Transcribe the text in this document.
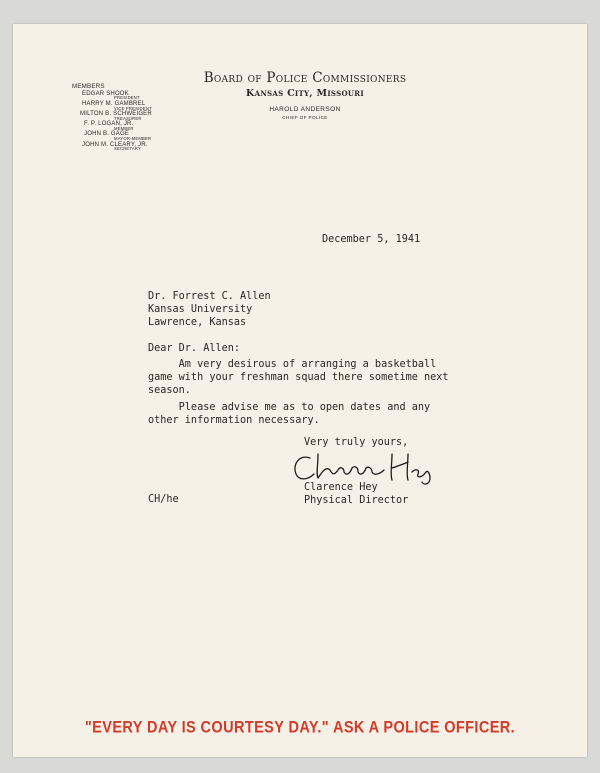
MEMBERS
EDGAR SHOOK
PRESIDENT
HARRY M. GAMBREL
VICE PRESIDENT
MILTON B. SCHWEIGER
TREASURER
F. P. LOGAN, JR.
MEMBER
JOHN B. GAGE
MAYOR-MEMBER
JOHN M. CLEARY, JR.
SECRETARY
Board of Police Commissioners
Kansas City, Missouri
HAROLD ANDERSON
CHIEF OF POLICE
December 5, 1941
Dr. Forrest C. Allen
Kansas University
Lawrence, Kansas
Dear Dr. Allen:
Am very desirous of arranging a basketball
game with your freshman squad there sometime next
season.
Please advise me as to open dates and any
other information necessary.
Very truly yours,
Clarence Hey
Physical Director
CH/he
"EVERY DAY IS COURTESY DAY." ASK A POLICE OFFICER.
